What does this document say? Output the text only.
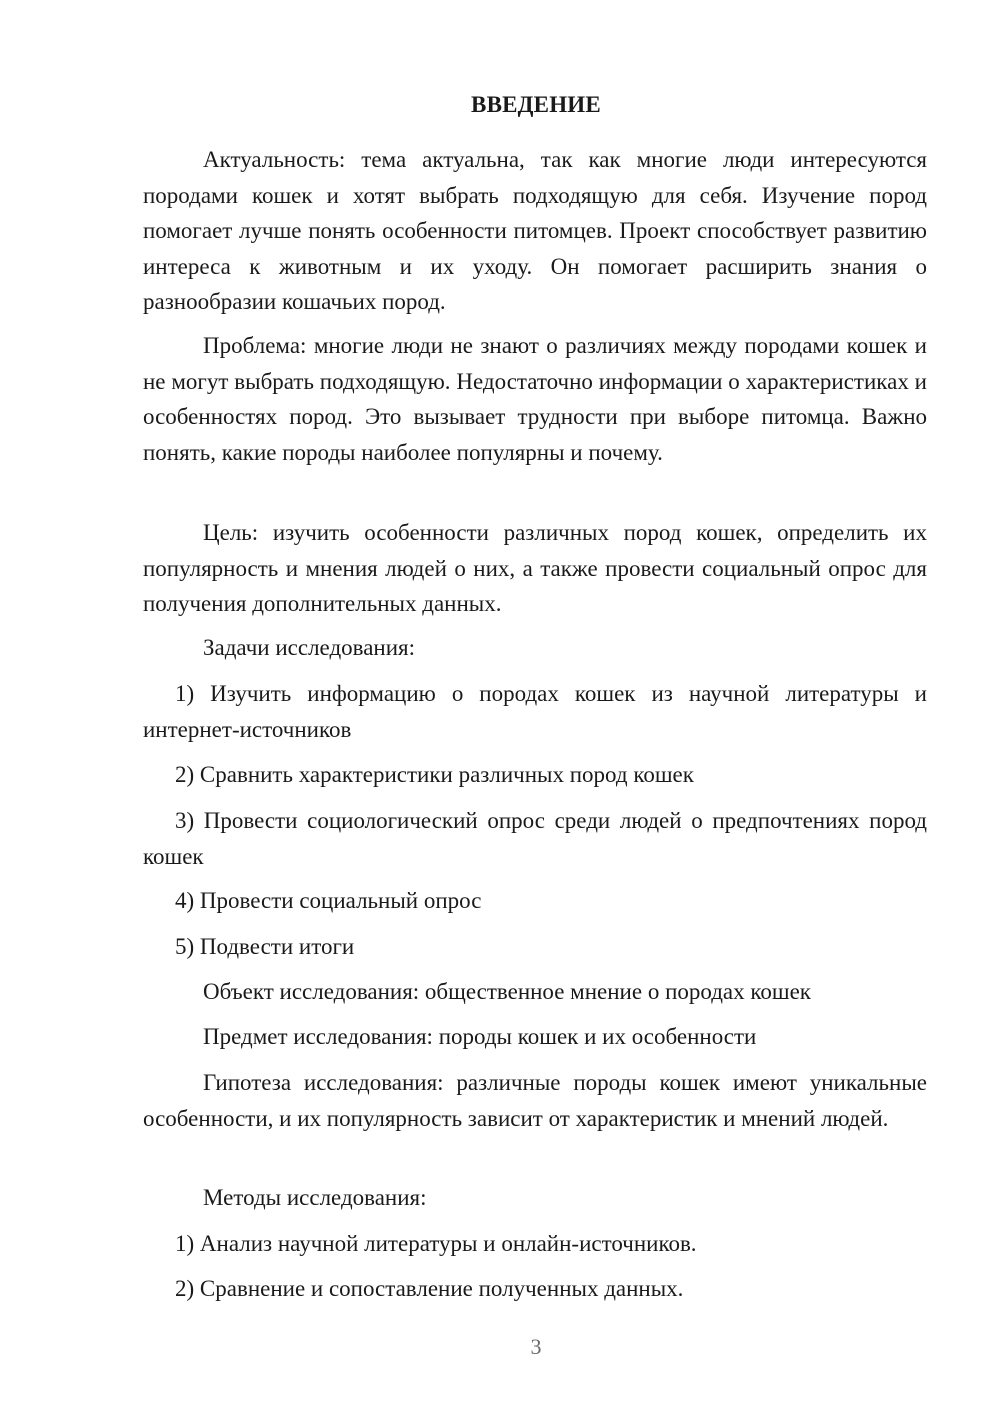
ВВЕДЕНИЕ

Актуальность: тема актуальна, так как многие люди интересуются породами кошек и хотят выбрать подходящую для себя. Изучение пород помогает лучше понять особенности питомцев. Проект способствует развитию интереса к животным и их уходу. Он помогает расширить знания о разнообразии кошачьих пород.

Проблема: многие люди не знают о различиях между породами кошек и не могут выбрать подходящую. Недостаточно информации о характеристиках и особенностях пород. Это вызывает трудности при выборе питомца. Важно понять, какие породы наиболее популярны и почему.

Цель: изучить особенности различных пород кошек, определить их популярность и мнения людей о них, а также провести социальный опрос для получения дополнительных данных.

Задачи исследования:

1) Изучить информацию о породах кошек из научной литературы и интернет-источников

2) Сравнить характеристики различных пород кошек

3) Провести социологический опрос среди людей о предпочтениях пород кошек

4) Провести социальный опрос

5) Подвести итоги

Объект исследования: общественное мнение о породах кошек

Предмет исследования: породы кошек и их особенности

Гипотеза исследования: различные породы кошек имеют уникальные особенности, и их популярность зависит от характеристик и мнений людей.

Методы исследования:

1) Анализ научной литературы и онлайн-источников.

2) Сравнение и сопоставление полученных данных.

3
